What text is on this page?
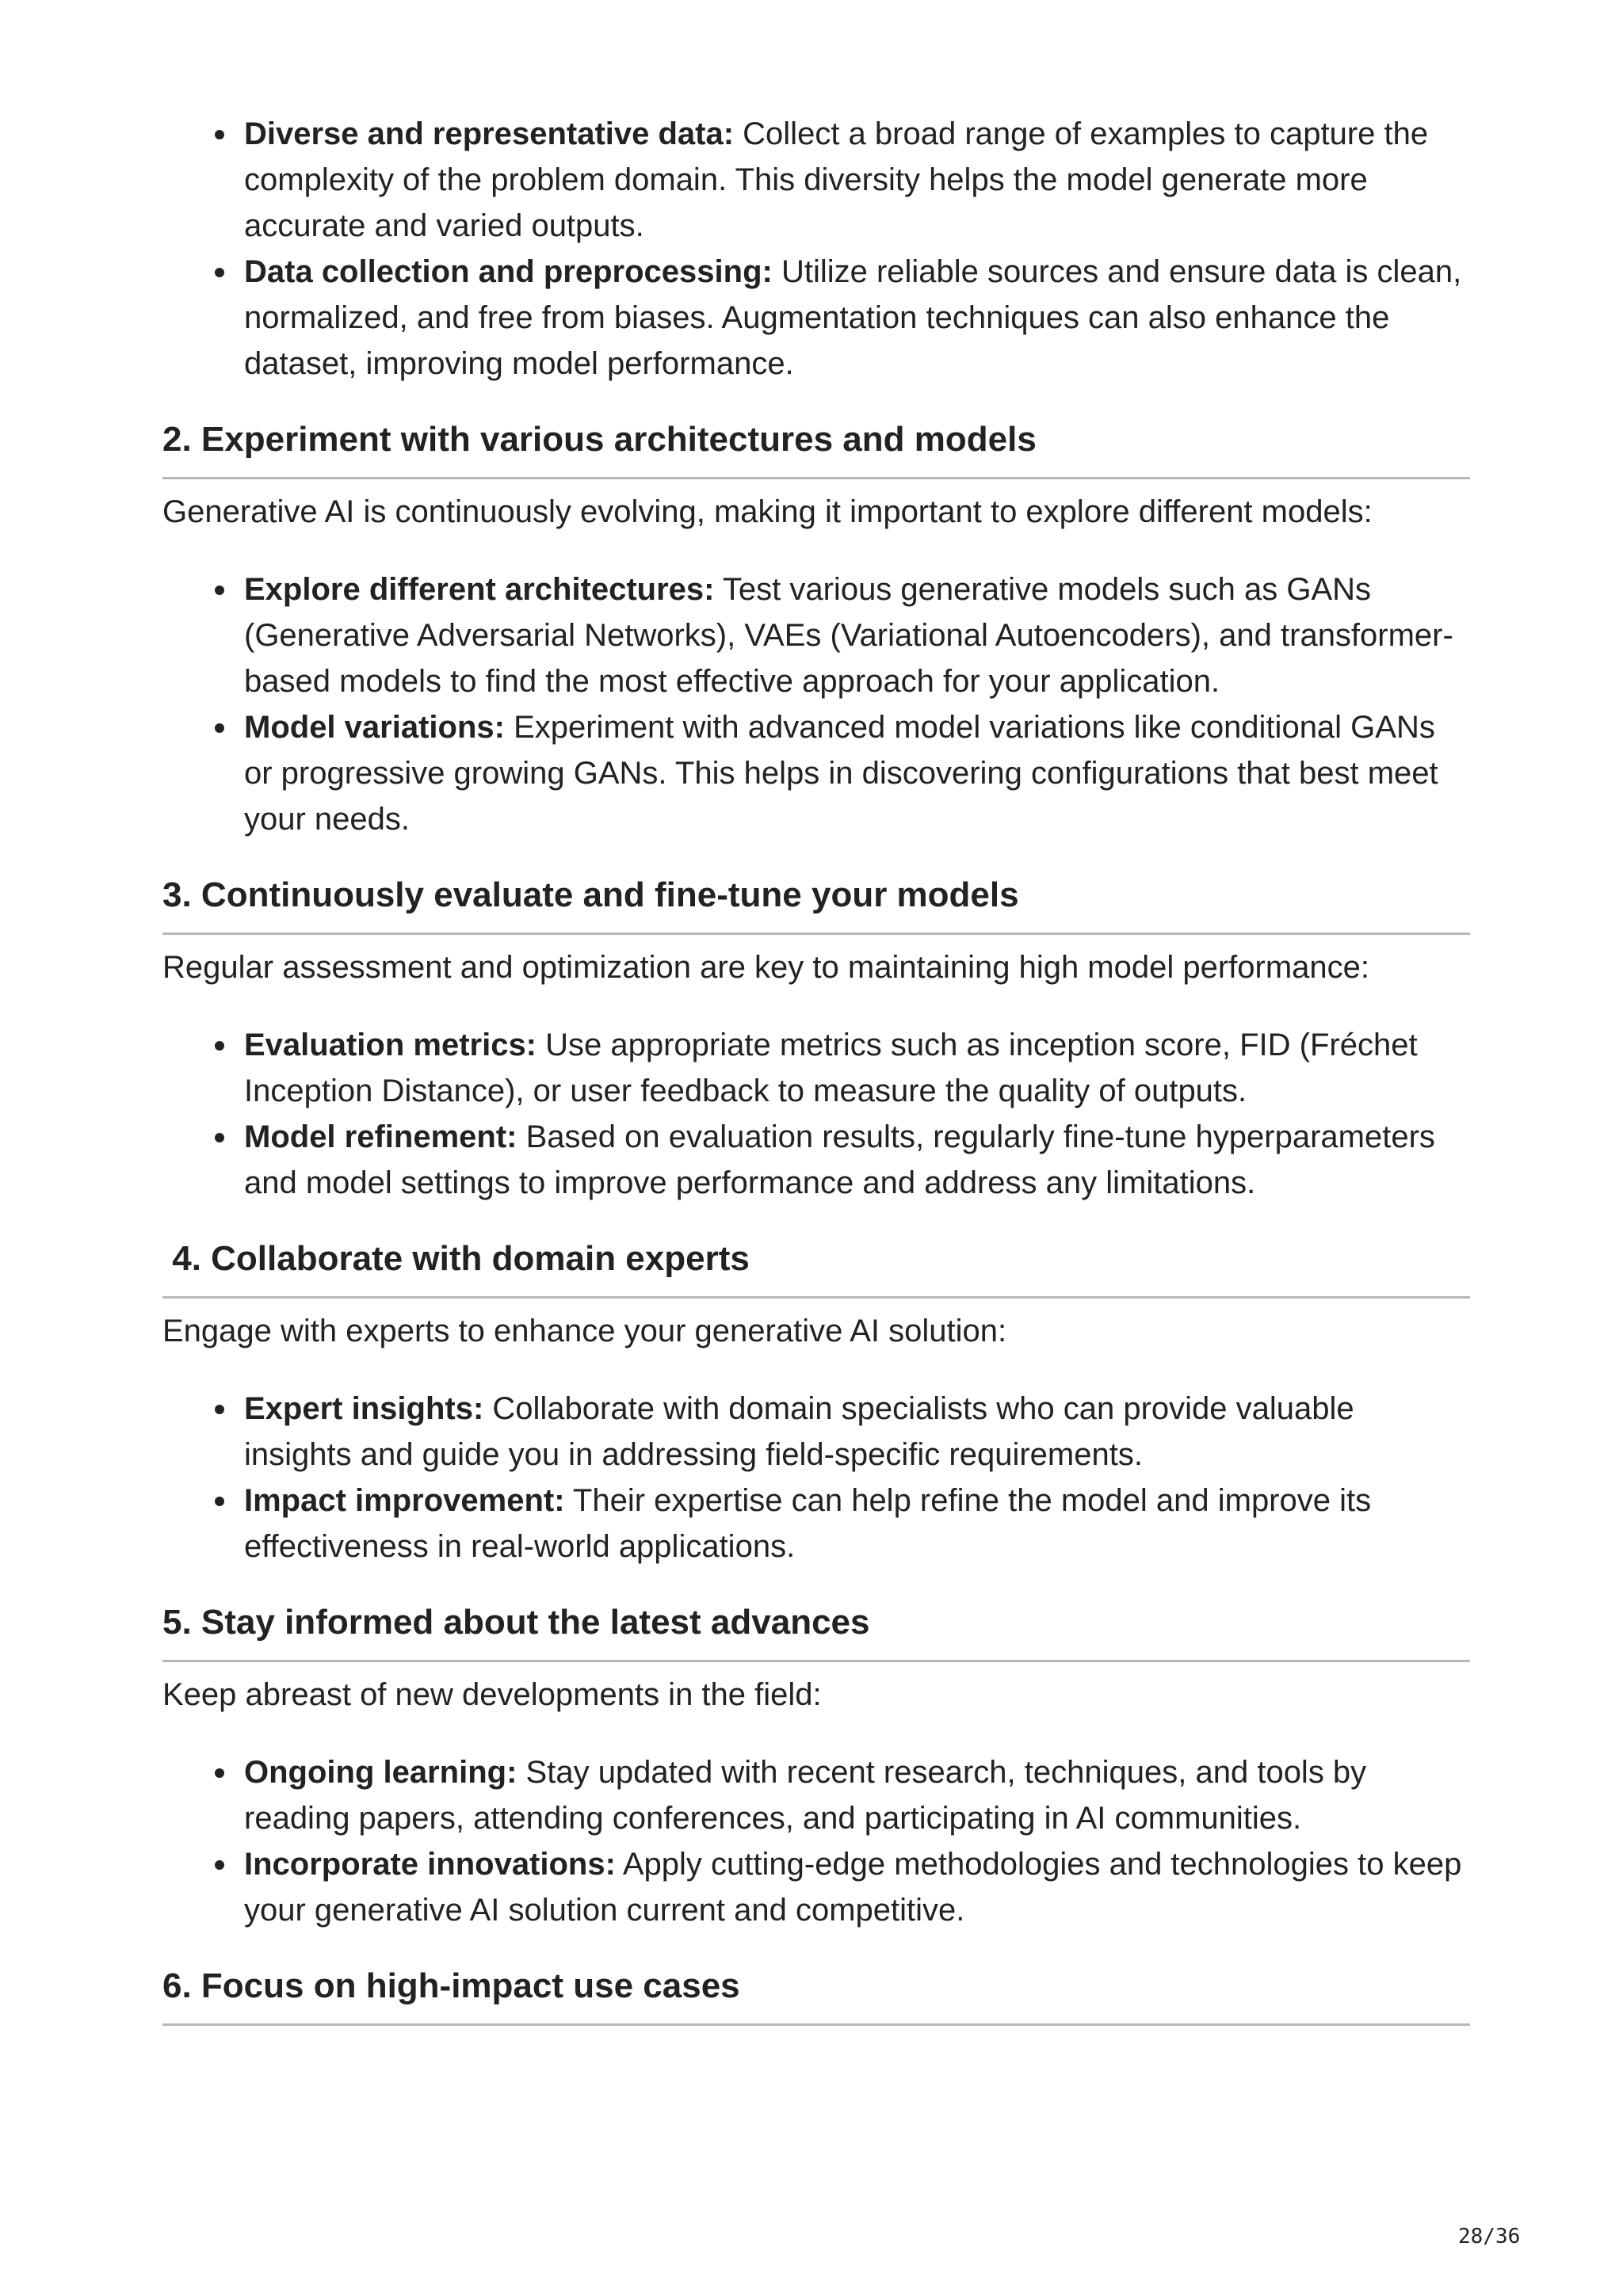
Diverse and representative data: Collect a broad range of examples to capture the complexity of the problem domain. This diversity helps the model generate more accurate and varied outputs.
Data collection and preprocessing: Utilize reliable sources and ensure data is clean, normalized, and free from biases. Augmentation techniques can also enhance the dataset, improving model performance.
2. Experiment with various architectures and models

Generative AI is continuously evolving, making it important to explore different models:

Explore different architectures: Test various generative models such as GANs (Generative Adversarial Networks), VAEs (Variational Autoencoders), and transformer-based models to find the most effective approach for your application.
Model variations: Experiment with advanced model variations like conditional GANs or progressive growing GANs. This helps in discovering configurations that best meet your needs.
3. Continuously evaluate and fine-tune your models

Regular assessment and optimization are key to maintaining high model performance:

Evaluation metrics: Use appropriate metrics such as inception score, FID (Fréchet Inception Distance), or user feedback to measure the quality of outputs.
Model refinement: Based on evaluation results, regularly fine-tune hyperparameters and model settings to improve performance and address any limitations.
4. Collaborate with domain experts

Engage with experts to enhance your generative AI solution:

Expert insights: Collaborate with domain specialists who can provide valuable insights and guide you in addressing field-specific requirements.
Impact improvement: Their expertise can help refine the model and improve its effectiveness in real-world applications.
5. Stay informed about the latest advances

Keep abreast of new developments in the field:

Ongoing learning: Stay updated with recent research, techniques, and tools by reading papers, attending conferences, and participating in AI communities.
Incorporate innovations: Apply cutting-edge methodologies and technologies to keep your generative AI solution current and competitive.
6. Focus on high-impact use cases
28/36
